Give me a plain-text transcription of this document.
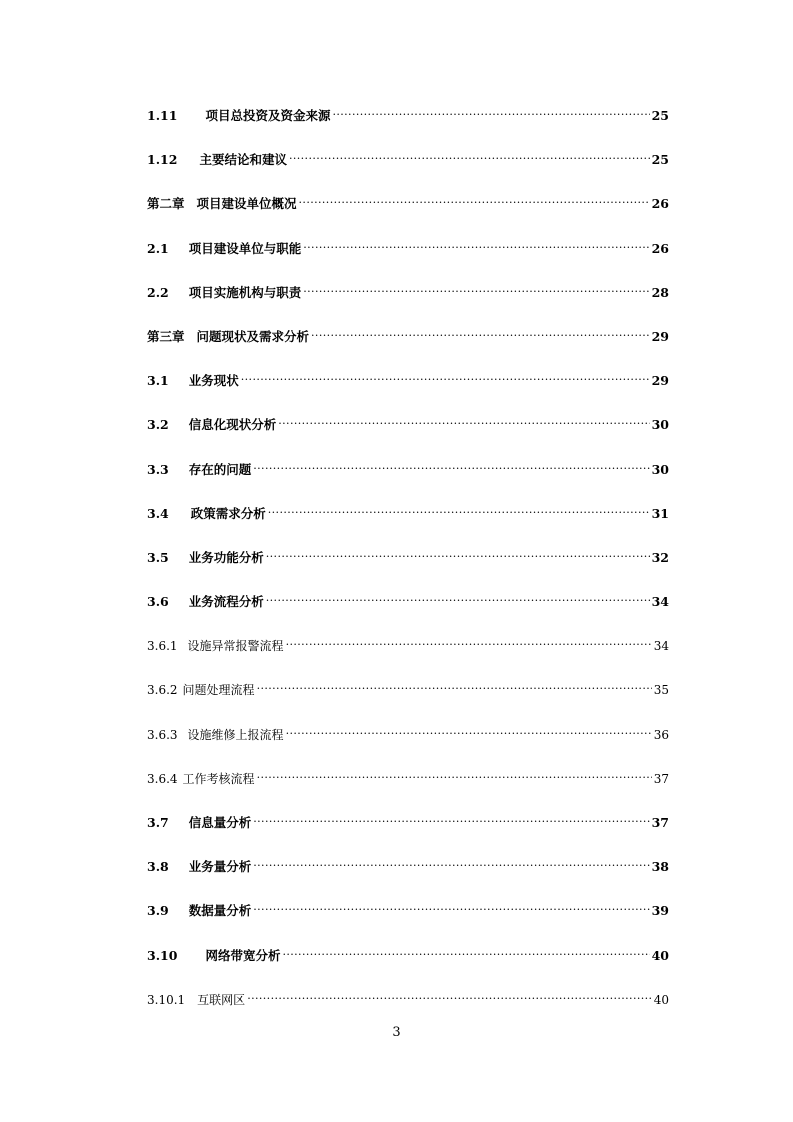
1.11 项目总投资及资金来源 .....	25
1.12 主要结论和建议 .....	25
第二章 项目建设单位概况 .....	26
2.1 项目建设单位与职能 .....	26
2.2 项目实施机构与职责 .....	28
第三章 问题现状及需求分析 .....	29
3.1 业务现状 .....	29
3.2 信息化现状分析 .....	30
3.3 存在的问题 .....	30
3.4 政策需求分析 .....	31
3.5 业务功能分析 .....	32
3.6 业务流程分析 .....	34
3.6.1 设施异常报警流程 .....	34
3.6.2 问题处理流程 .....	35
3.6.3 设施维修上报流程 .....	36
3.6.4 工作考核流程 .....	37
3.7 信息量分析 .....	37
3.8 业务量分析 .....	38
3.9 数据量分析 .....	39
3.10 网络带宽分析 .....	40
3.10.1 互联网区 .....	40
3
